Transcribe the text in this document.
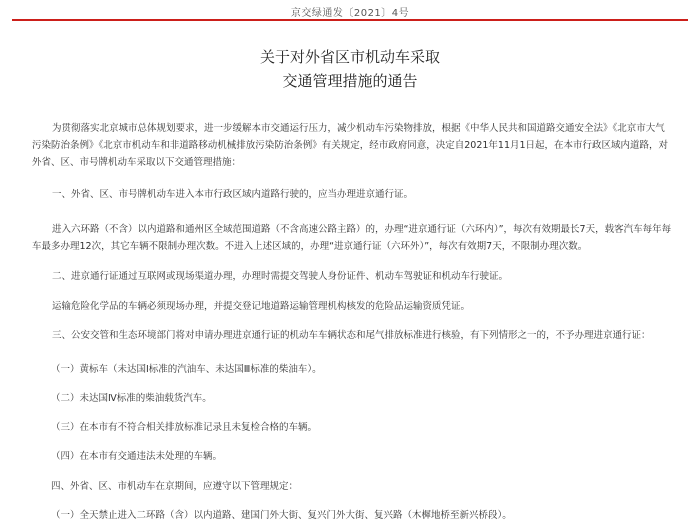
京交绿通发〔2021〕4号
关于对外省区市机动车采取
交通管理措施的通告

为贯彻落实北京城市总体规划要求，进一步缓解本市交通运行压力，减少机动车污染物排放，根据《中华人民共和国道路交通安全法》《北京市大气污染防治条例》《北京市机动车和非道路移动机械排放污染防治条例》有关规定，经市政府同意，决定自2021年11月1日起，在本市行政区域内道路，对外省、区、市号牌机动车采取以下交通管理措施：

一、外省、区、市号牌机动车进入本市行政区域内道路行驶的，应当办理进京通行证。

进入六环路（不含）以内道路和通州区全域范围道路（不含高速公路主路）的，办理“进京通行证（六环内）”，每次有效期最长7天，载客汽车每年每车最多办理12次，其它车辆不限制办理次数。不进入上述区域的，办理“进京通行证（六环外）”，每次有效期7天，不限制办理次数。

二、进京通行证通过互联网或现场渠道办理，办理时需提交驾驶人身份证件、机动车驾驶证和机动车行驶证。

运输危险化学品的车辆必须现场办理，并提交登记地道路运输管理机构核发的危险品运输资质凭证。

三、公安交管和生态环境部门将对申请办理进京通行证的机动车车辆状态和尾气排放标准进行核验，有下列情形之一的，不予办理进京通行证：

（一）黄标车（未达国Ⅰ标准的汽油车、未达国Ⅲ标准的柴油车）。

（二）未达国Ⅳ标准的柴油载货汽车。

（三）在本市有不符合相关排放标准记录且未复检合格的车辆。

（四）在本市有交通违法未处理的车辆。

四、外省、区、市机动车在京期间，应遵守以下管理规定：

（一）全天禁止进入二环路（含）以内道路、建国门外大街、复兴门外大街、复兴路（木樨地桥至新兴桥段）。
